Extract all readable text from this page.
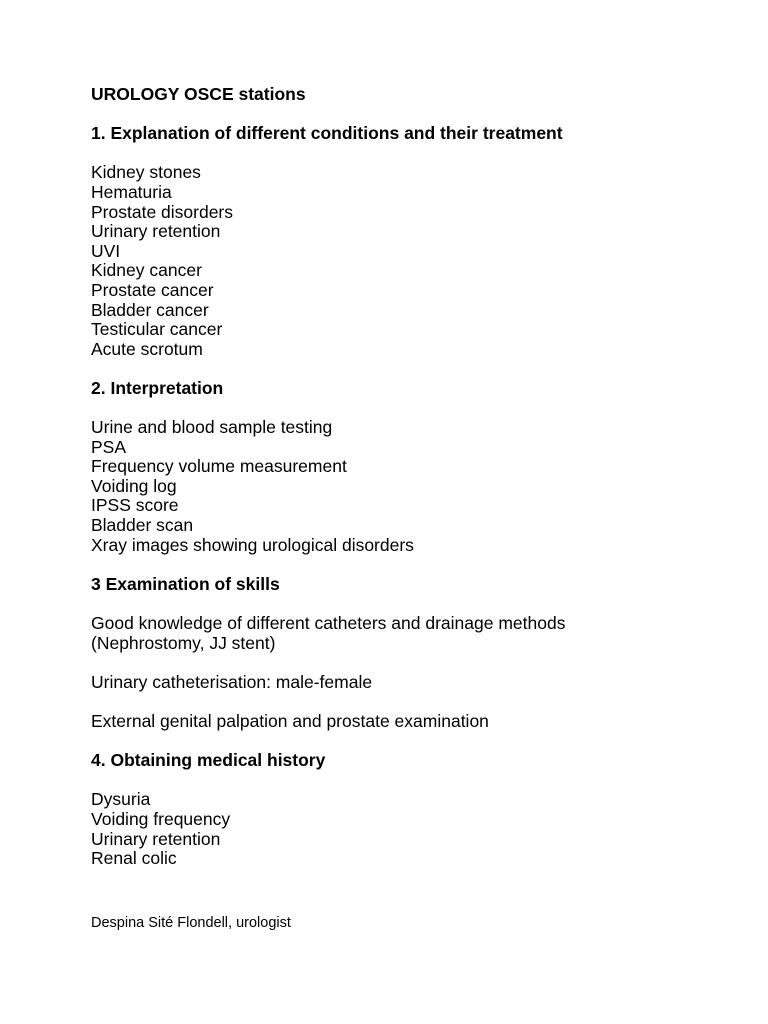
UROLOGY OSCE stations

1. Explanation of different conditions and their treatment

Kidney stones
Hematuria
Prostate disorders
Urinary retention
UVI
Kidney cancer
Prostate cancer
Bladder cancer
Testicular cancer
Acute scrotum

2. Interpretation

Urine and blood sample testing
PSA
Frequency volume measurement
Voiding log
IPSS score
Bladder scan
Xray images showing urological disorders

3 Examination of skills

Good knowledge of different catheters and drainage methods

(Nephrostomy, JJ stent)

Urinary catheterisation: male-female

External genital palpation and prostate examination

4. Obtaining medical history

Dysuria
Voiding frequency
Urinary retention
Renal colic

Despina Sité Flondell, urologist
